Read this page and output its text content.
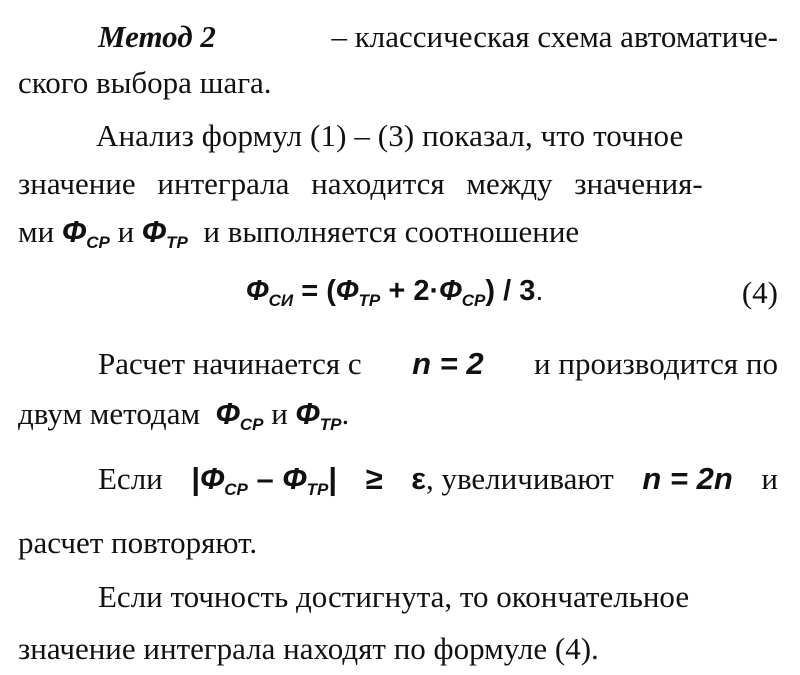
Метод 2	– классическая схема автоматиче-
ского выбора шага.
Анализ формул (1) – (3) показал, что точное
значение интеграла находится между значения-
ми
$Ф_{СР}$
и
$Ф_{ТР}$
и выполняется соотношение
$Ф_{СИ} = (Ф_{ТР} + 2\cdot Ф_{СР}) / 3$.	(4)
Расчет начинается с n = 2 и производится по
двум методам
$Ф_{СР}$
и
$Ф_{ТР}$ .
Если $|Ф_{СР} - Ф_{ТР}| \ge \varepsilon$, увеличивают n = 2n и
расчет повторяют.
Если точность достигнута, то окончательное
значение интеграла находят по формуле (4).
